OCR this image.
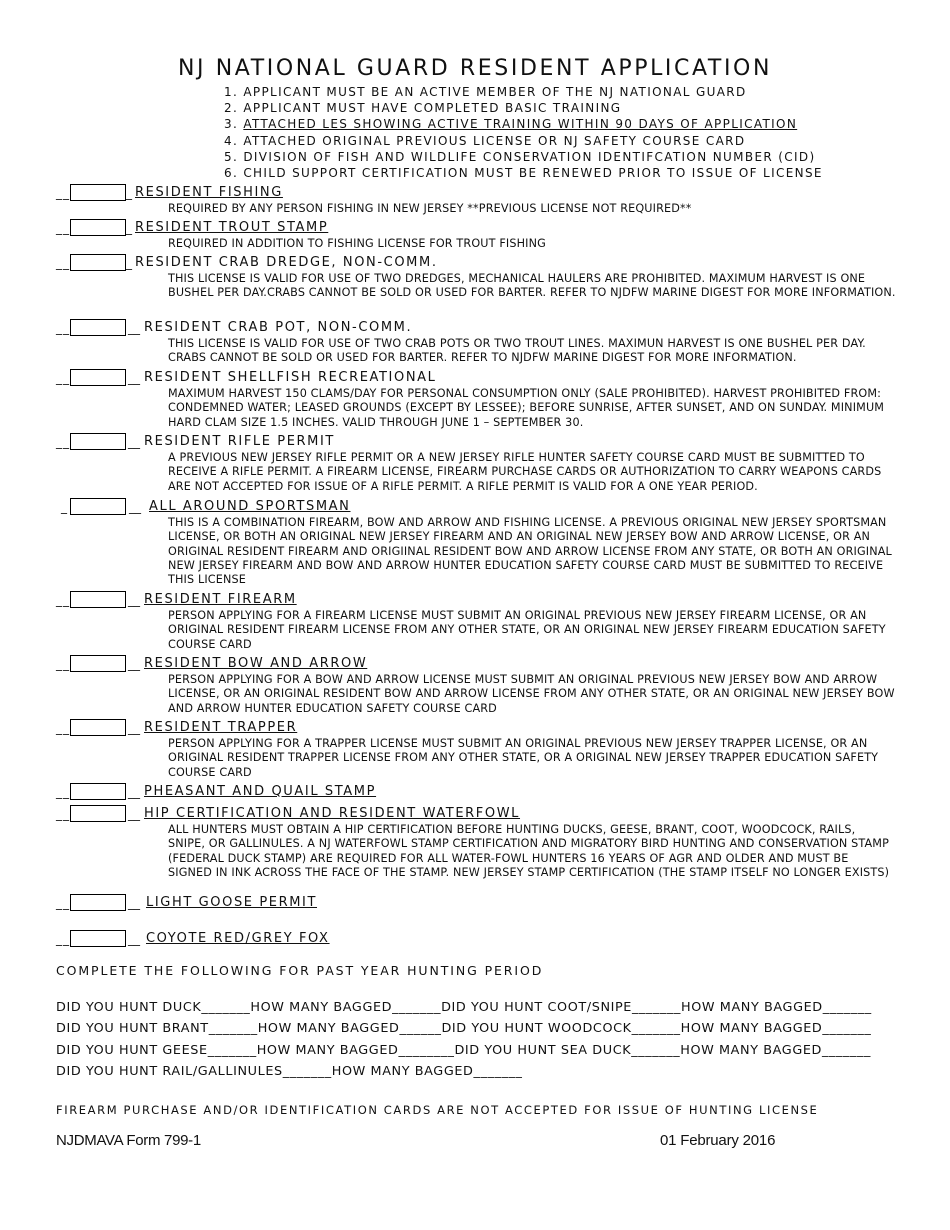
NJ NATIONAL GUARD RESIDENT APPLICATION
1. APPLICANT MUST BE AN ACTIVE MEMBER OF THE NJ NATIONAL GUARD
2. APPLICANT MUST HAVE COMPLETED BASIC TRAINING
3. ATTACHED LES SHOWING ACTIVE TRAINING WITHIN 90 DAYS OF APPLICATION
4. ATTACHED ORIGINAL PREVIOUS LICENSE OR NJ SAFETY COURSE CARD
5. DIVISION OF FISH AND WILDLIFE CONSERVATION IDENTIFCATION NUMBER (CID)
6. CHILD SUPPORT CERTIFICATION MUST BE RENEWED PRIOR TO ISSUE OF LICENSE
__	_ RESIDENT FISHING
REQUIRED BY ANY PERSON FISHING IN NEW JERSEY **PREVIOUS LICENSE NOT REQUIRED**
__	_ RESIDENT TROUT STAMP
REQUIRED IN ADDITION TO FISHING LICENSE FOR TROUT FISHING
__	_ RESIDENT CRAB DREDGE, NON-COMM.
THIS LICENSE IS VALID FOR USE OF TWO DREDGES, MECHANICAL HAULERS ARE PROHIBITED. MAXIMUM HARVEST IS ONE BUSHEL PER DAY.CRABS CANNOT BE SOLD OR USED FOR BARTER. REFER TO NJDFW MARINE DIGEST FOR MORE INFORMATION.
__	__ RESIDENT CRAB POT, NON-COMM.
THIS LICENSE IS VALID FOR USE OF TWO CRAB POTS OR TWO TROUT LINES. MAXIMUN HARVEST IS ONE BUSHEL PER DAY. CRABS CANNOT BE SOLD OR USED FOR BARTER. REFER TO NJDFW MARINE DIGEST FOR MORE INFORMATION.
__	__ RESIDENT SHELLFISH RECREATIONAL
MAXIMUM HARVEST 150 CLAMS/DAY FOR PERSONAL CONSUMPTION ONLY (SALE PROHIBITED). HARVEST PROHIBITED FROM: CONDEMNED WATER; LEASED GROUNDS (EXCEPT BY LESSEE); BEFORE SUNRISE, AFTER SUNSET, AND ON SUNDAY. MINIMUM HARD CLAM SIZE 1.5 INCHES. VALID THROUGH JUNE 1 – SEPTEMBER 30.
__	__ RESIDENT RIFLE PERMIT
A PREVIOUS NEW JERSEY RIFLE PERMIT OR A NEW JERSEY RIFLE HUNTER SAFETY COURSE CARD MUST BE SUBMITTED TO RECEIVE A RIFLE PERMIT. A FIREARM LICENSE, FIREARM PURCHASE CARDS OR AUTHORIZATION TO CARRY WEAPONS CARDS ARE NOT ACCEPTED FOR ISSUE OF A RIFLE PERMIT. A RIFLE PERMIT IS VALID FOR A ONE YEAR PERIOD.
_	__ ALL AROUND SPORTSMAN
THIS IS A COMBINATION FIREARM, BOW AND ARROW AND FISHING LICENSE. A PREVIOUS ORIGINAL NEW JERSEY SPORTSMAN LICENSE, OR BOTH AN ORIGINAL NEW JERSEY FIREARM AND AN ORIGINAL NEW JERSEY BOW AND ARROW LICENSE, OR AN ORIGINAL RESIDENT FIREARM AND ORIGIINAL RESIDENT BOW AND ARROW LICENSE FROM ANY STATE, OR BOTH AN ORIGINAL NEW JERSEY FIREARM AND BOW AND ARROW HUNTER EDUCATION SAFETY COURSE CARD MUST BE SUBMITTED TO RECEIVE THIS LICENSE
__	__ RESIDENT FIREARM
PERSON APPLYING FOR A FIREARM LICENSE MUST SUBMIT AN ORIGINAL PREVIOUS NEW JERSEY FIREARM LICENSE, OR AN ORIGINAL RESIDENT FIREARM LICENSE FROM ANY OTHER STATE, OR AN ORIGINAL NEW JERSEY FIREARM EDUCATION SAFETY COURSE CARD
__	__ RESIDENT BOW AND ARROW
PERSON APPLYING FOR A BOW AND ARROW LICENSE MUST SUBMIT AN ORIGINAL PREVIOUS NEW JERSEY BOW AND ARROW LICENSE, OR AN ORIGINAL RESIDENT BOW AND ARROW LICENSE FROM ANY OTHER STATE, OR AN ORIGINAL NEW JERSEY BOW AND ARROW HUNTER EDUCATION SAFETY COURSE CARD
__	__ RESIDENT TRAPPER
PERSON APPLYING FOR A TRAPPER LICENSE MUST SUBMIT AN ORIGINAL PREVIOUS NEW JERSEY TRAPPER LICENSE, OR AN ORIGINAL RESIDENT TRAPPER LICENSE FROM ANY OTHER STATE, OR A ORIGINAL NEW JERSEY TRAPPER EDUCATION SAFETY COURSE CARD
__	__ PHEASANT AND QUAIL STAMP
__	__ HIP CERTIFICATION AND RESIDENT WATERFOWL
ALL HUNTERS MUST OBTAIN A HIP CERTIFICATION BEFORE HUNTING DUCKS, GEESE, BRANT, COOT, WOODCOCK, RAILS, SNIPE, OR GALLINULES. A NJ WATERFOWL STAMP CERTIFICATION AND MIGRATORY BIRD HUNTING AND CONSERVATION STAMP (FEDERAL DUCK STAMP) ARE REQUIRED FOR ALL WATER-FOWL HUNTERS 16 YEARS OF AGR AND OLDER AND MUST BE SIGNED IN INK ACROSS THE FACE OF THE STAMP. NEW JERSEY STAMP CERTIFICATION (THE STAMP ITSELF NO LONGER EXISTS)
__	__ LIGHT GOOSE PERMIT
__	__ COYOTE RED/GREY FOX
COMPLETE THE FOLLOWING FOR PAST YEAR HUNTING PERIOD
DID YOU HUNT DUCK_______HOW MANY BAGGED_______DID YOU HUNT COOT/SNIPE_______HOW MANY BAGGED_______
DID YOU HUNT BRANT_______HOW MANY BAGGED______DID YOU HUNT WOODCOCK_______HOW MANY BAGGED_______
DID YOU HUNT GEESE_______HOW MANY BAGGED________DID YOU HUNT SEA DUCK_______HOW MANY BAGGED_______
DID YOU HUNT RAIL/GALLINULES_______HOW MANY BAGGED_______
FIREARM PURCHASE AND/OR IDENTIFICATION CARDS ARE NOT ACCEPTED FOR ISSUE OF HUNTING LICENSE
NJDMAVA Form 799-1	01 February 2016
